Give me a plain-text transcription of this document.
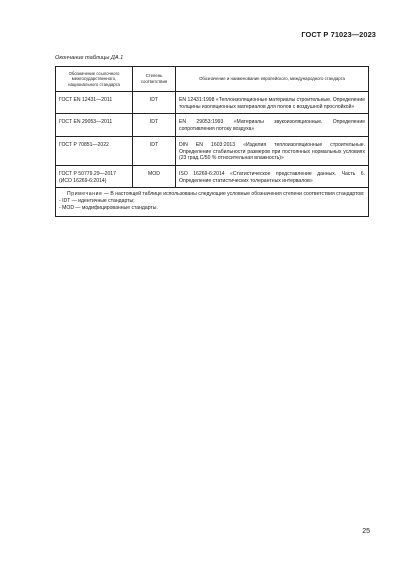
ГОСТ Р 71023—2023
Окончание таблицы ДА.1
Обозначение ссылочного межгосударственного, национального стандарта	Степень соответствия	Обозначение и наименование европейского, международного стандарта
ГОСТ EN 12431—2011	IDT	EN 12431:1998 «Теплоизоляционные материалы строительные. Определение толщины изоляционных материалов для полов с воздушной прослойкой»
ГОСТ EN 29053—2011	IDT	EN 29053:1993 «Материалы звукоизоляционные. Определение сопротивления потоку воздуха»
ГОСТ Р 70851—2022	IDT	DIN EN 1603:2013 «Изделия теплоизоляционные строительные. Определение стабильности размеров при постоянных нормальных условиях (23 град.С/50 % относительная влажность)»
ГОСТ Р 50779.29—2017 (ИСО 16269-6:2014)	MOD	ISO 16269-6:2014 «Статистическое представление данных. Часть 6. Определение статистических толерантных интервалов»

Примечание — В настоящей таблице использованы следующие условные обозначения степени соответствия стандартов:
- IDT — идентичные стандарты;
- MOD — модифицированные стандарты.		
25
